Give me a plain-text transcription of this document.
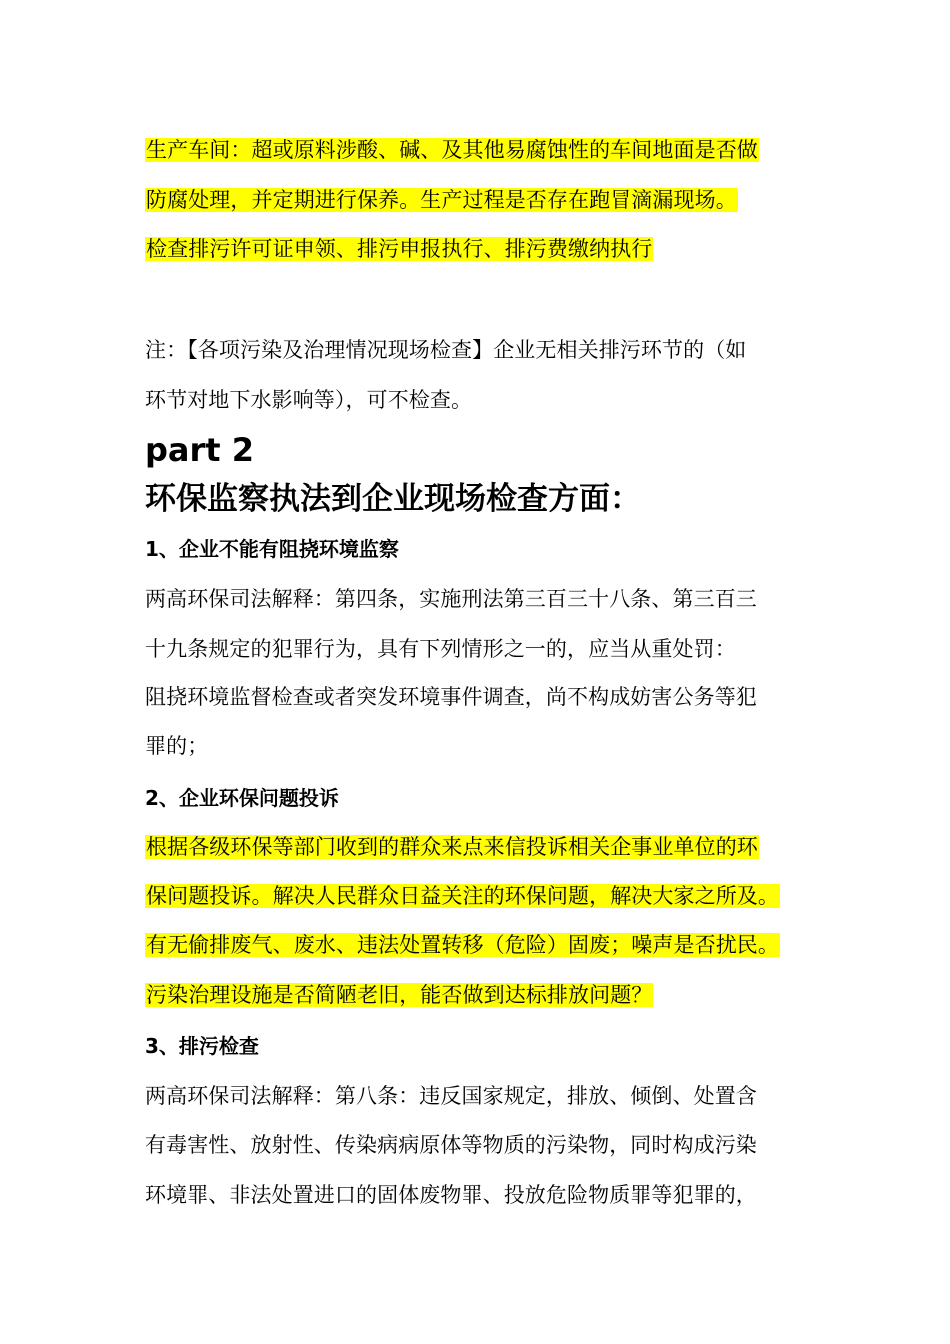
生产车间：超或原料涉酸、碱、及其他易腐蚀性的车间地面是否做

防腐处理，并定期进行保养。生产过程是否存在跑冒滴漏现场。

检查排污许可证申领、排污申报执行、排污费缴纳执行

注：【各项污染及治理情况现场检查】企业无相关排污环节的（如

环节对地下水影响等），可不检查。

part 2
环保监察执法到企业现场检查方面：
1、企业不能有阻挠环境监察

两高环保司法解释：第四条，实施刑法第三百三十八条、第三百三

十九条规定的犯罪行为，具有下列情形之一的，应当从重处罚：

阻挠环境监督检查或者突发环境事件调查，尚不构成妨害公务等犯

罪的；

2、企业环保问题投诉

根据各级环保等部门收到的群众来点来信投诉相关企事业单位的环

保问题投诉。解决人民群众日益关注的环保问题，解决大家之所及。

有无偷排废气、废水、违法处置转移（危险）固废；噪声是否扰民。

污染治理设施是否简陋老旧，能否做到达标排放问题？

3、排污检查

两高环保司法解释：第八条：违反国家规定，排放、倾倒、处置含

有毒害性、放射性、传染病病原体等物质的污染物，同时构成污染

环境罪、非法处置进口的固体废物罪、投放危险物质罪等犯罪的，
